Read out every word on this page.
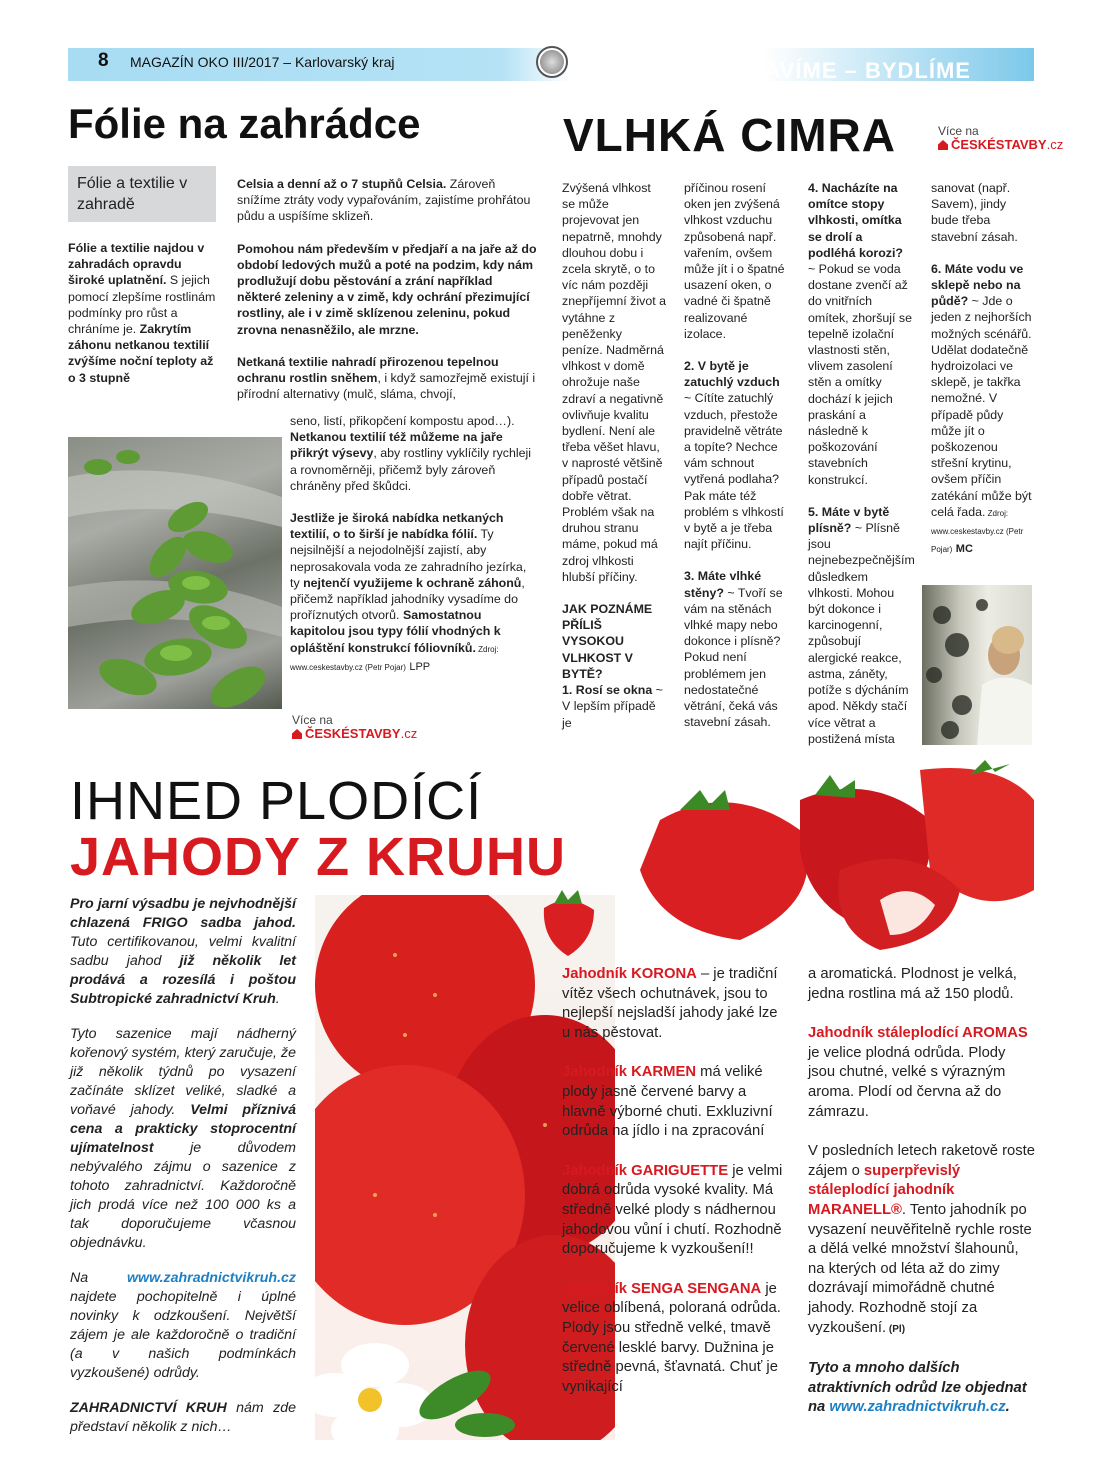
8 MAGAZÍN OKO III/2017 – Karlovarský kraj	STAVÍME – BYDLÍME
Fólie na zahrádce
Fólie a textilie v zahradě
Fólie a textilie najdou v zahradách opravdu široké uplatnění. S jejich pomocí zlepšíme rostlinám podmínky pro růst a chráníme je. Zakrytím záhonu netkanou textilií zvýšíme noční teploty až o 3 stupně

Celsia a denní až o 7 stupňů Celsia. Zároveň snížíme ztráty vody vypařováním, zajistíme prohřátou půdu a uspíšíme sklizeň.

Pomohou nám především v předjaří a na jaře až do období ledových mužů a poté na podzim, kdy nám prodlužují dobu pěstování a zrání například některé zeleniny a v zimě, kdy ochrání přezimující rostliny, ale i v zimě sklízenou zeleninu, pokud zrovna nenasněžilo, ale mrzne.

Netkaná textilie nahradí přirozenou tepelnou ochranu rostlin sněhem, i když samozřejmě existují i přírodní alternativy (mulč, sláma, chvojí,
seno, listí, přikopčení kompostu apod…).

Netkanou textilií též můžeme na jaře přikrýt výsevy, aby rostliny vyklíčily rychleji a rovnoměrněji, přičemž byly zároveň chráněny před škůdci.

Jestliže je široká nabídka netkaných textilií, o to širší je nabídka fólií. Ty nejsilnější a nejodolnější zajistí, aby neprosakovala voda ze zahradního jezírka, ty nejtenčí využijeme k ochraně záhonů, přičemž například jahodníky vysadíme do proříznutých otvorů. Samostatnou kapitolou jsou typy fólií vhodných k opláštění konstrukcí fóliovníků. Zdroj: www.ceskestavby.cz (Petr Pojar) LPP
Více na
ČESKÉSTAVBY.cz
VLHKÁ CIMRA	Více na
ČESKÉSTAVBY.cz

Zvýšená vlhkost se může projevovat jen nepatrně, mnohdy dlouhou dobu i zcela skrytě, o to víc nám později znepříjemní život a vytáhne z peněženky peníze. Nadměrná vlhkost v domě ohrožuje naše zdraví a negativně ovlivňuje kvalitu bydlení. Není ale třeba věšet hlavu, v naprosté většině případů postačí dobře větrat. Problém však na druhou stranu máme, pokud má zdroj vlhkosti hlubší příčiny.

JAK POZNÁME PŘÍLIŠ VYSOKOU VLHKOST V BYTĚ?
1. Rosí se okna ~ V lepším případě je

příčinou rosení oken jen zvýšená vlhkost vzduchu způsobená např. vařením, ovšem může jít i o špatné usazení oken, o vadné či špatně realizované izolace.

2. V bytě je zatuchlý vzduch ~ Cítíte zatuchlý vzduch, přestože pravidelně větráte a topíte? Nechce vám schnout vytřená podlaha? Pak máte též problém s vlhkostí v bytě a je třeba najít příčinu.

3. Máte vlhké stěny? ~ Tvoří se vám na stěnách vlhké mapy nebo dokonce i plísně? Pokud není problémem jen nedostatečné větrání, čeká vás stavební zásah.

4. Nacházíte na omítce stopy vlhkosti, omítka se drolí a podléhá korozi? ~ Pokud se voda dostane zvenčí až do vnitřních omítek, zhoršují se tepelně izolační vlastnosti stěn, vlivem zasolení stěn a omítky dochází k jejich praskání a následně k poškozování stavebních konstrukcí.

5. Máte v bytě plísně? ~ Plísně jsou nejnebezpečnějším důsledkem vlhkosti. Mohou být dokonce i karcinogenní, způsobují alergické reakce, astma, záněty, potíže s dýcháním apod. Někdy stačí více větrat a postižená místa

sanovat (např. Savem), jindy bude třeba stavební zásah.

6. Máte vodu ve sklepě nebo na půdě? ~ Jde o jeden z nejhorších možných scénářů. Udělat dodatečně hydroizolaci ve sklepě, je takřka nemožné. V případě půdy může jít o poškozenou střešní krytinu, ovšem příčin zatékání může být celá řada. Zdroj: www.ceskestavby.cz (Petr Pojar) MC
IHNED PLODÍCÍ
JAHODY Z KRUHU

Pro jarní výsadbu je nejvhodnější chlazená FRIGO sadba jahod. Tuto certifikovanou, velmi kvalitní sadbu jahod již několik let prodává a rozesílá i poštou Subtropické zahradnictví Kruh.

Tyto sazenice mají nádherný kořenový systém, který zaručuje, že již několik týdnů po vysazení začínáte sklízet veliké, sladké a voňavé jahody. Velmi příznivá cena a prakticky stoprocentní ujímatelnost je důvodem nebývalého zájmu o sazenice z tohoto zahradnictví. Každoročně jich prodá více než 100 000 ks a tak doporučujeme včasnou objednávku.

Na www.zahradnictvikruh.cz najdete pochopitelně i úplné novinky k odzkoušení. Největší zájem je ale každoročně o tradiční (a v našich podmínkách vyzkoušené) odrůdy.

ZAHRADNICTVÍ KRUH nám zde představí několik z nich…

Jahodník KORONA – je tradiční vítěz všech ochutnávek, jsou to nejlepší nejsladší jahody jaké lze u nás pěstovat.

Jahodník KARMEN má veliké plody jasně červené barvy a hlavně výborné chuti. Exkluzivní odrůda na jídlo i na zpracování

Jahodník GARIGUETTE je velmi dobrá odrůda vysoké kvality. Má středně velké plody s nádhernou jahodovou vůní i chutí. Rozhodně doporučujeme k vyzkoušení!!

Jahodník SENGA SENGANA je velice oblíbená, poloraná odrůda. Plody jsou středně velké, tmavě červené lesklé barvy. Dužnina je středně pevná, šťavnatá. Chuť je vynikající

a aromatická. Plodnost je velká, jedna rostlina má až 150 plodů.

Jahodník stáleplodící AROMAS je velice plodná odrůda. Plody jsou chutné, velké s výrazným aroma. Plodí od června až do zámrazu.

V posledních letech raketově roste zájem o superpřevislý stáleplodící jahodník MARANELL®. Tento jahodník po vysazení neuvěřitelně rychle roste a dělá velké množství šlahounů, na kterých od léta až do zimy dozrávají mimořádně chutné jahody. Rozhodně stojí za vyzkoušení. (Pl)

Tyto a mnoho dalších atraktivních odrůd lze objednat na www.zahradnictvikruh.cz.
